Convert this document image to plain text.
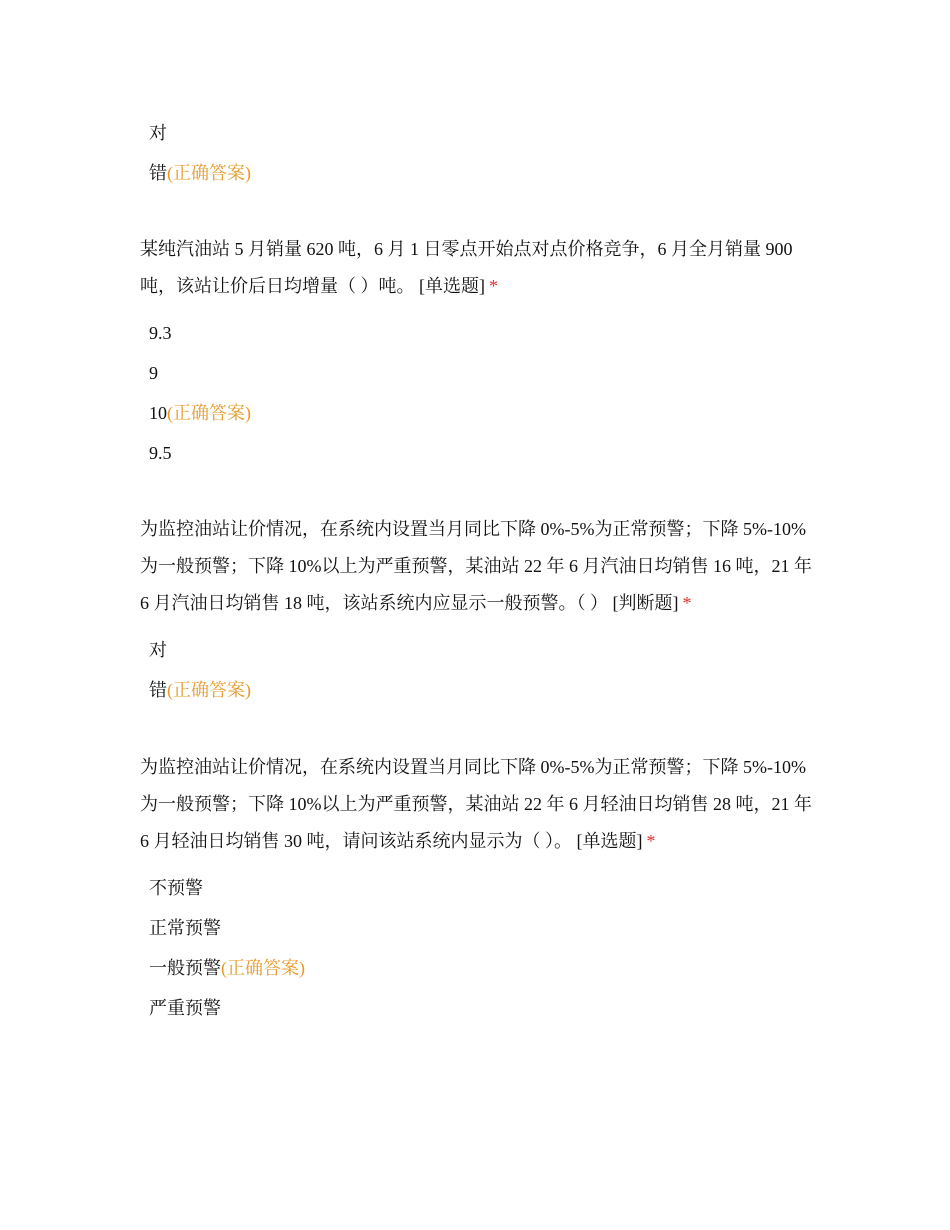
对
错(正确答案)

某纯汽油站 5 月销量 620 吨，6 月 1 日零点开始点对点价格竞争，6 月全月销量 900 吨，该站让价后日均增量（ ）吨。 [单选题] *

9.3
9
10(正确答案)
9.5

为监控油站让价情况，在系统内设置当月同比下降 0%-5%为正常预警；下降 5%-10%为一般预警；下降 10%以上为严重预警，某油站 22 年 6 月汽油日均销售 16 吨，21 年 6 月汽油日均销售 18 吨，该站系统内应显示一般预警。（ ） [判断题] *

对
错(正确答案)

为监控油站让价情况，在系统内设置当月同比下降 0%-5%为正常预警；下降 5%-10%为一般预警；下降 10%以上为严重预警，某油站 22 年 6 月轻油日均销售 28 吨，21 年 6 月轻油日均销售 30 吨，请问该站系统内显示为（ ）。 [单选题] *

不预警
正常预警
一般预警(正确答案)
严重预警
